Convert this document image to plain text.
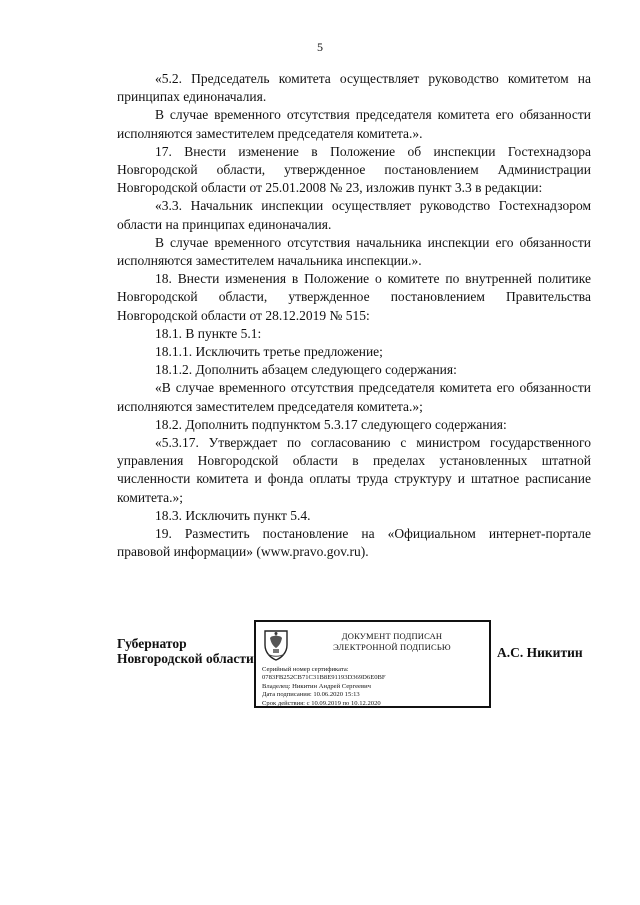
5

«5.2. Председатель комитета осуществляет руководство комитетом на принципах единоначалия.

В случае временного отсутствия председателя комитета его обязанности исполняются заместителем председателя комитета.».

17. Внести изменение в Положение об инспекции Гостехнадзора Новгородской области, утвержденное постановлением Администрации Новгородской области от 25.01.2008 № 23, изложив пункт 3.3 в редакции:

«3.3. Начальник инспекции осуществляет руководство Гостехнадзором области на принципах единоначалия.

В случае временного отсутствия начальника инспекции его обязанности исполняются заместителем начальника инспекции.».

18. Внести изменения в Положение о комитете по внутренней политике Новгородской области, утвержденное постановлением Правительства Новгородской области от 28.12.2019 № 515:

18.1. В пункте 5.1:

18.1.1. Исключить третье предложение;

18.1.2. Дополнить абзацем следующего содержания:

«В случае временного отсутствия председателя комитета его обязанности исполняются заместителем председателя комитета.»;

18.2. Дополнить подпунктом 5.3.17 следующего содержания:

«5.3.17. Утверждает по согласованию с министром государственного управления Новгородской области в пределах установленных штатной численности комитета и фонда оплаты труда структуру и штатное расписание комитета.»;

18.3. Исключить пункт 5.4.

19. Разместить постановление на «Официальном интернет-портале правовой информации» (www.pravo.gov.ru).

Губернатор
Новгородской области
ДОКУМЕНТ ПОДПИСАН
ЭЛЕКТРОННОЙ ПОДПИСЬЮ
Серийный номер сертификата:
0783FB252CB71C31B8E91193D369D6E0BF
Владелец: Никитин Андрей Сергеевич
Дата подписания: 10.06.2020 15:13
Срок действия: с 10.09.2019 по 10.12.2020
А.С. Никитин
